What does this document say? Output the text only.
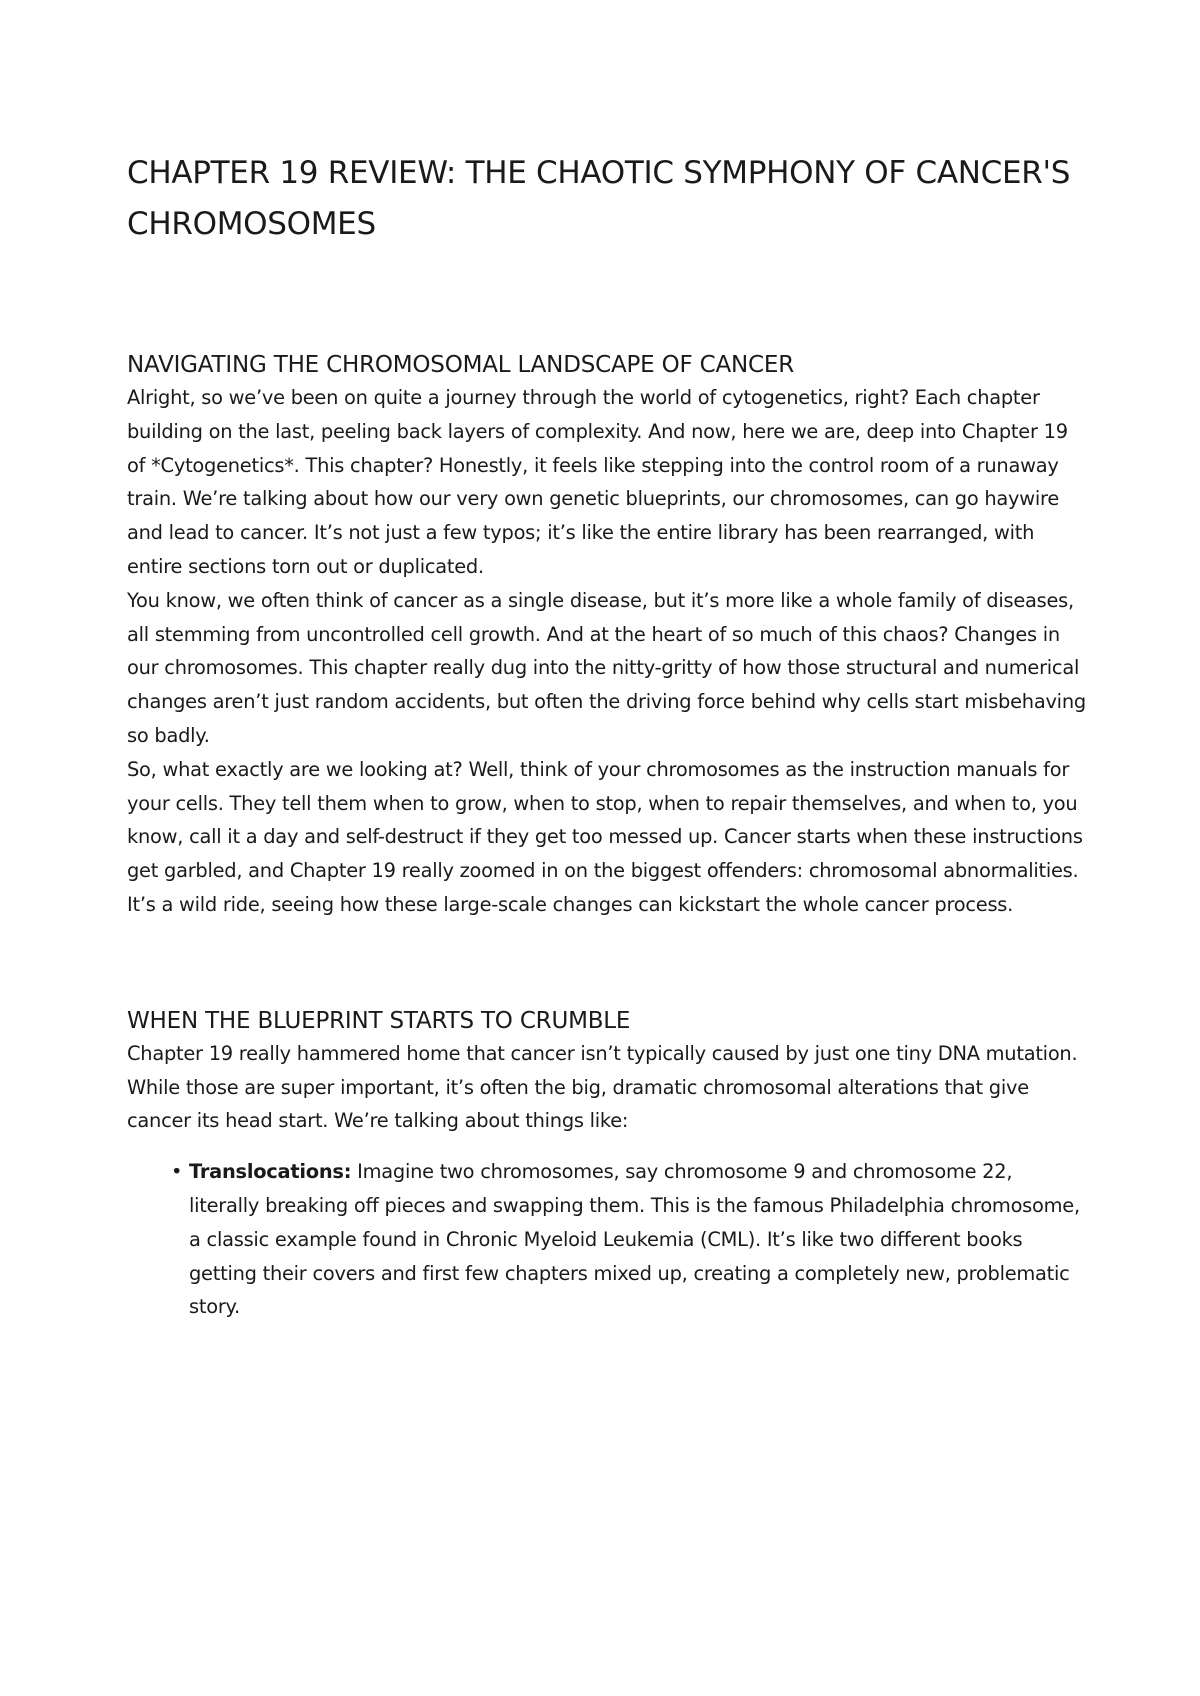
CHAPTER 19 REVIEW: THE CHAOTIC SYMPHONY OF CANCER'S CHROMOSOMES
NAVIGATING THE CHROMOSOMAL LANDSCAPE OF CANCER

Alright, so we’ve been on quite a journey through the world of cytogenetics, right? Each chapter building on the last, peeling back layers of complexity. And now, here we are, deep into Chapter 19 of *Cytogenetics*. This chapter? Honestly, it feels like stepping into the control room of a runaway train. We’re talking about how our very own genetic blueprints, our chromosomes, can go haywire and lead to cancer. It’s not just a few typos; it’s like the entire library has been rearranged, with entire sections torn out or duplicated.

You know, we often think of cancer as a single disease, but it’s more like a whole family of diseases, all stemming from uncontrolled cell growth. And at the heart of so much of this chaos? Changes in our chromosomes. This chapter really dug into the nitty-gritty of how those structural and numerical changes aren’t just random accidents, but often the driving force behind why cells start misbehaving so badly.

So, what exactly are we looking at? Well, think of your chromosomes as the instruction manuals for your cells. They tell them when to grow, when to stop, when to repair themselves, and when to, you know, call it a day and self-destruct if they get too messed up. Cancer starts when these instructions get garbled, and Chapter 19 really zoomed in on the biggest offenders: chromosomal abnormalities. It’s a wild ride, seeing how these large-scale changes can kickstart the whole cancer process.

WHEN THE BLUEPRINT STARTS TO CRUMBLE

Chapter 19 really hammered home that cancer isn’t typically caused by just one tiny DNA mutation. While those are super important, it’s often the big, dramatic chromosomal alterations that give cancer its head start. We’re talking about things like:

• Translocations: Imagine two chromosomes, say chromosome 9 and chromosome 22, literally breaking off pieces and swapping them. This is the famous Philadelphia chromosome, a classic example found in Chronic Myeloid Leukemia (CML). It’s like two different books getting their covers and first few chapters mixed up, creating a completely new, problematic story.
